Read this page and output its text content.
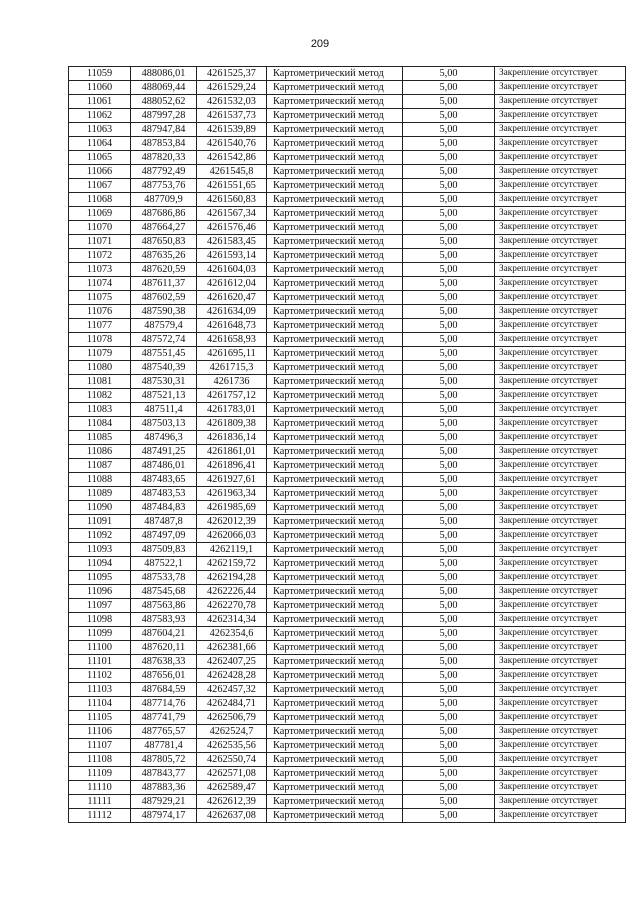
209
11059	488086,01	4261525,37	Картометрический метод	5,00	Закрепление отсутствует
11060	488069,44	4261529,24	Картометрический метод	5,00	Закрепление отсутствует
11061	488052,62	4261532,03	Картометрический метод	5,00	Закрепление отсутствует
11062	487997,28	4261537,73	Картометрический метод	5,00	Закрепление отсутствует
11063	487947,84	4261539,89	Картометрический метод	5,00	Закрепление отсутствует
11064	487853,84	4261540,76	Картометрический метод	5,00	Закрепление отсутствует
11065	487820,33	4261542,86	Картометрический метод	5,00	Закрепление отсутствует
11066	487792,49	4261545,8	Картометрический метод	5,00	Закрепление отсутствует
11067	487753,76	4261551,65	Картометрический метод	5,00	Закрепление отсутствует
11068	487709,9	4261560,83	Картометрический метод	5,00	Закрепление отсутствует
11069	487686,86	4261567,34	Картометрический метод	5,00	Закрепление отсутствует
11070	487664,27	4261576,46	Картометрический метод	5,00	Закрепление отсутствует
11071	487650,83	4261583,45	Картометрический метод	5,00	Закрепление отсутствует
11072	487635,26	4261593,14	Картометрический метод	5,00	Закрепление отсутствует
11073	487620,59	4261604,03	Картометрический метод	5,00	Закрепление отсутствует
11074	487611,37	4261612,04	Картометрический метод	5,00	Закрепление отсутствует
11075	487602,59	4261620,47	Картометрический метод	5,00	Закрепление отсутствует
11076	487590,38	4261634,09	Картометрический метод	5,00	Закрепление отсутствует
11077	487579,4	4261648,73	Картометрический метод	5,00	Закрепление отсутствует
11078	487572,74	4261658,93	Картометрический метод	5,00	Закрепление отсутствует
11079	487551,45	4261695,11	Картометрический метод	5,00	Закрепление отсутствует
11080	487540,39	4261715,3	Картометрический метод	5,00	Закрепление отсутствует
11081	487530,31	4261736	Картометрический метод	5,00	Закрепление отсутствует
11082	487521,13	4261757,12	Картометрический метод	5,00	Закрепление отсутствует
11083	487511,4	4261783,01	Картометрический метод	5,00	Закрепление отсутствует
11084	487503,13	4261809,38	Картометрический метод	5,00	Закрепление отсутствует
11085	487496,3	4261836,14	Картометрический метод	5,00	Закрепление отсутствует
11086	487491,25	4261861,01	Картометрический метод	5,00	Закрепление отсутствует
11087	487486,01	4261896,41	Картометрический метод	5,00	Закрепление отсутствует
11088	487483,65	4261927,61	Картометрический метод	5,00	Закрепление отсутствует
11089	487483,53	4261963,34	Картометрический метод	5,00	Закрепление отсутствует
11090	487484,83	4261985,69	Картометрический метод	5,00	Закрепление отсутствует
11091	487487,8	4262012,39	Картометрический метод	5,00	Закрепление отсутствует
11092	487497,09	4262066,03	Картометрический метод	5,00	Закрепление отсутствует
11093	487509,83	4262119,1	Картометрический метод	5,00	Закрепление отсутствует
11094	487522,1	4262159,72	Картометрический метод	5,00	Закрепление отсутствует
11095	487533,78	4262194,28	Картометрический метод	5,00	Закрепление отсутствует
11096	487545,68	4262226,44	Картометрический метод	5,00	Закрепление отсутствует
11097	487563,86	4262270,78	Картометрический метод	5,00	Закрепление отсутствует
11098	487583,93	4262314,34	Картометрический метод	5,00	Закрепление отсутствует
11099	487604,21	4262354,6	Картометрический метод	5,00	Закрепление отсутствует
11100	487620,11	4262381,66	Картометрический метод	5,00	Закрепление отсутствует
11101	487638,33	4262407,25	Картометрический метод	5,00	Закрепление отсутствует
11102	487656,01	4262428,28	Картометрический метод	5,00	Закрепление отсутствует
11103	487684,59	4262457,32	Картометрический метод	5,00	Закрепление отсутствует
11104	487714,76	4262484,71	Картометрический метод	5,00	Закрепление отсутствует
11105	487741,79	4262506,79	Картометрический метод	5,00	Закрепление отсутствует
11106	487765,57	4262524,7	Картометрический метод	5,00	Закрепление отсутствует
11107	487781,4	4262535,56	Картометрический метод	5,00	Закрепление отсутствует
11108	487805,72	4262550,74	Картометрический метод	5,00	Закрепление отсутствует
11109	487843,77	4262571,08	Картометрический метод	5,00	Закрепление отсутствует
11110	487883,36	4262589,47	Картометрический метод	5,00	Закрепление отсутствует
11111	487929,21	4262612,39	Картометрический метод	5,00	Закрепление отсутствует
11112	487974,17	4262637,08	Картометрический метод	5,00	Закрепление отсутствует
